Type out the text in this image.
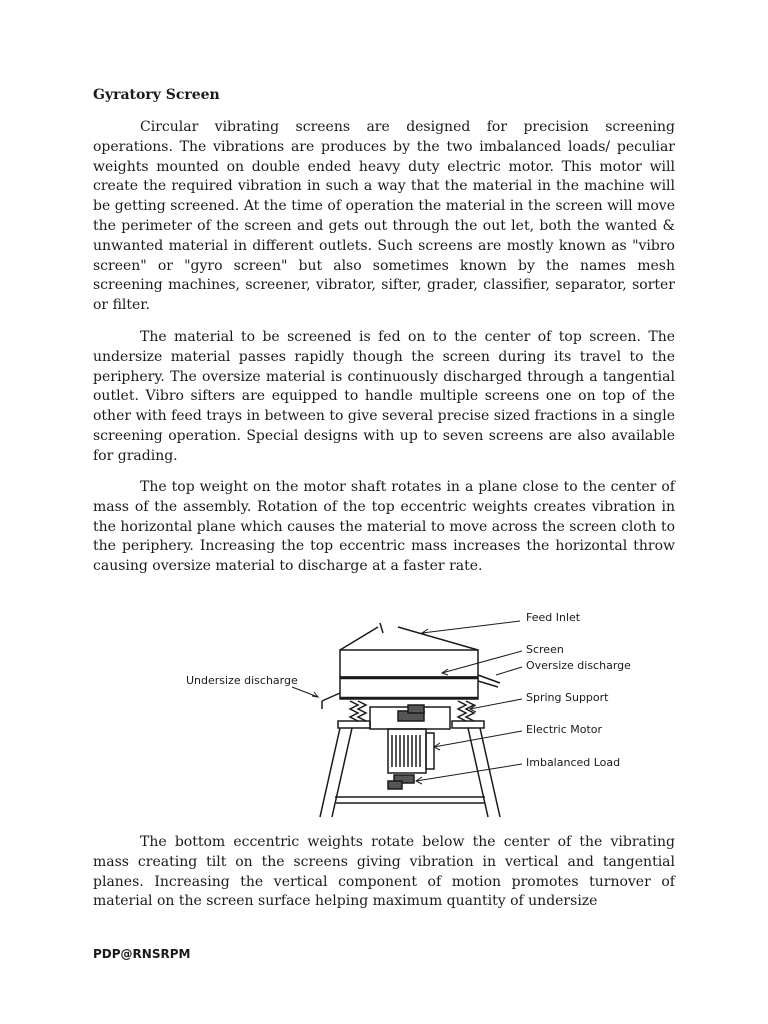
Gyratory Screen

Circular vibrating screens are designed for precision screening operations. The vibrations are produces by the two imbalanced loads/ peculiar weights mounted on double ended heavy duty electric motor. This motor will create the required vibration in such a way that the material in the machine will be getting screened. At the time of operation the material in the screen will move the perimeter of the screen and gets out through the out let, both the wanted & unwanted material in different outlets. Such screens are mostly known as "vibro screen" or "gyro screen" but also sometimes known by the names mesh screening machines, screener, vibrator, sifter, grader, classifier, separator, sorter or filter.

The material to be screened is fed on to the center of top screen. The undersize material passes rapidly though the screen during its travel to the periphery. The oversize material is continuously discharged through a tangential outlet. Vibro sifters are equipped to handle multiple screens one on top of the other with feed trays in between to give several precise sized fractions in a single screening operation. Special designs with up to seven screens are also available for grading.

The top weight on the motor shaft rotates in a plane close to the center of mass of the assembly. Rotation of the top eccentric weights creates vibration in the horizontal plane which causes the material to move across the screen cloth to the periphery. Increasing the top eccentric mass increases the horizontal throw causing oversize material to discharge at a faster rate.

Feed Inlet
Screen
Oversize discharge
Undersize discharge
Spring Support
Electric Motor
Imbalanced Load

The bottom eccentric weights rotate below the center of the vibrating mass creating tilt on the screens giving vibration in vertical and tangential planes. Increasing the vertical component of motion promotes turnover of material on the screen surface helping maximum quantity of undersize

PDP@RNSRPM
